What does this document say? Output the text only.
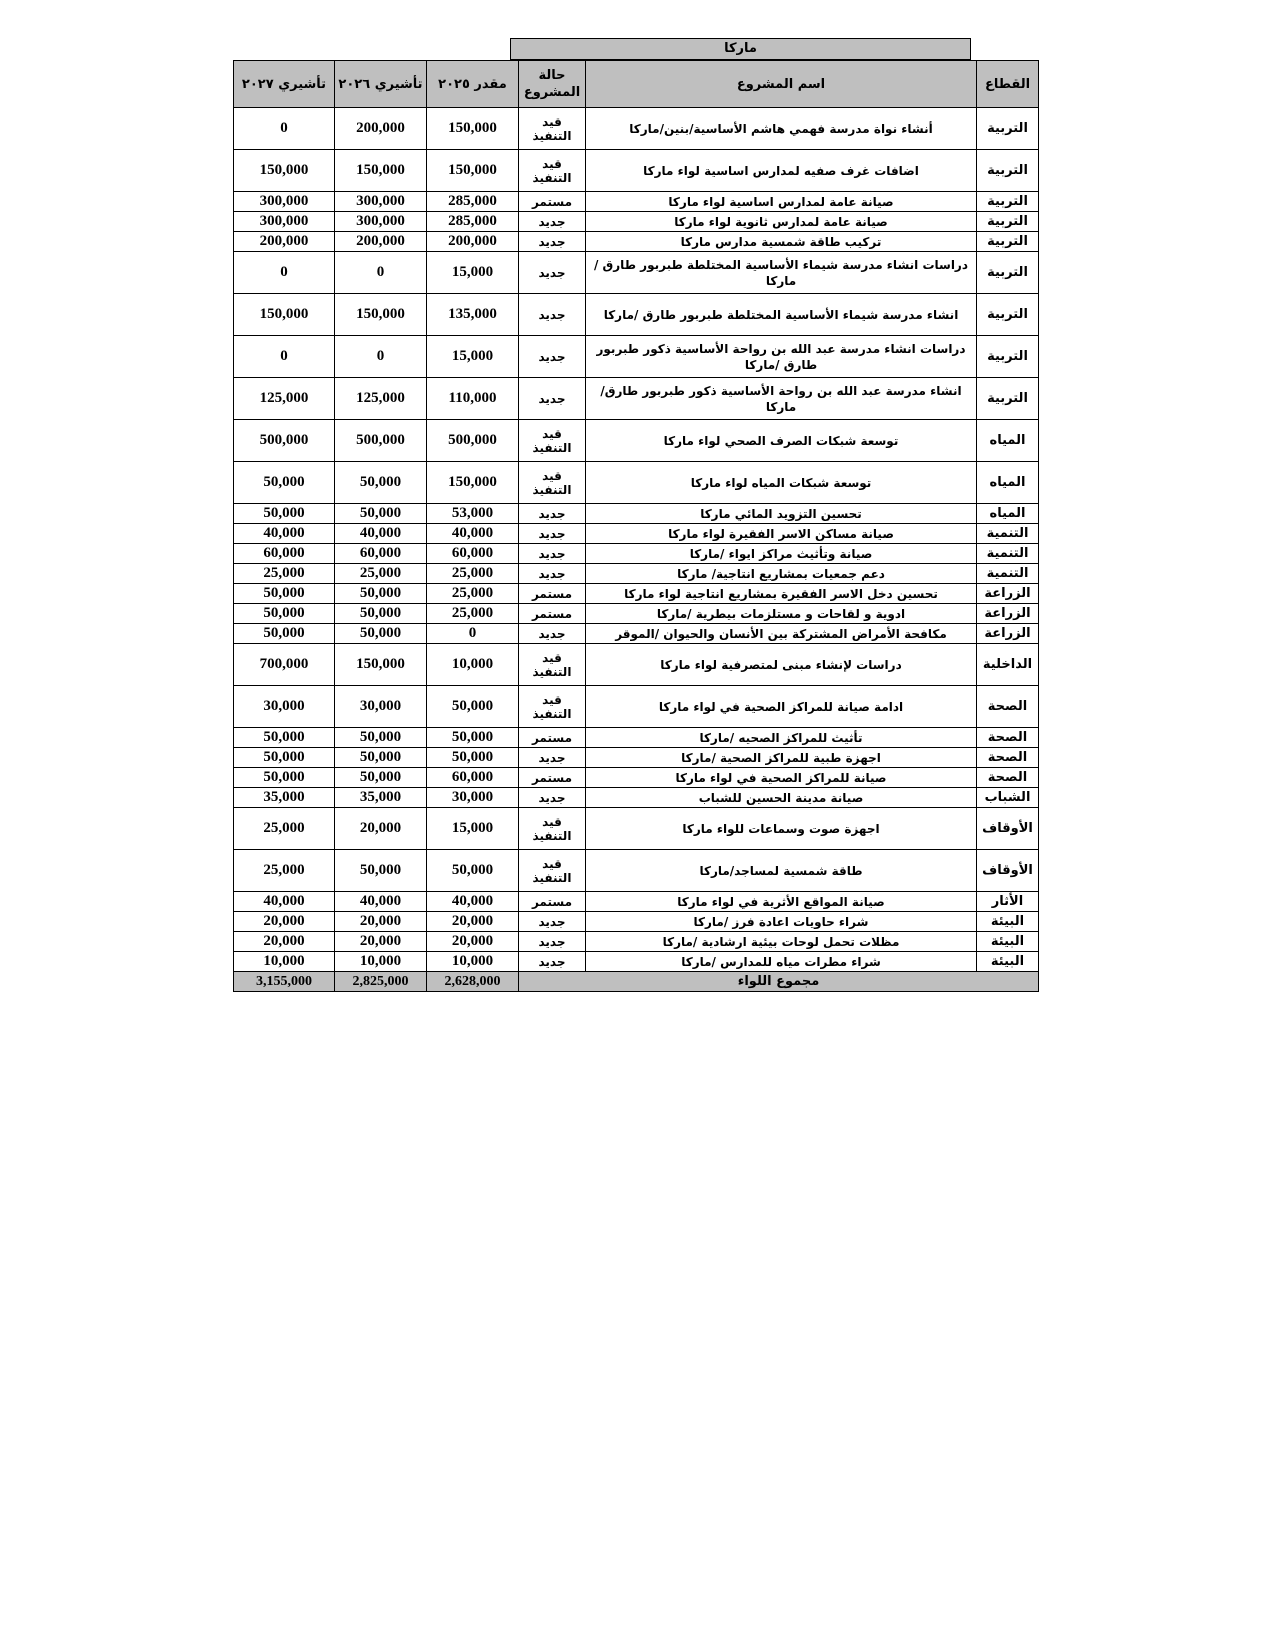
ماركا
القطاع	اسم المشروع	حالة المشروع	مقدر ٢٠٢٥	تأشيري ٢٠٢٦	تأشيري ٢٠٢٧
التربية	أنشاء نواة مدرسة فهمي هاشم الأساسية/بنين/ماركا	قيد التنفيذ	150,000	200,000	0
التربية	اضافات غرف صفيه لمدارس اساسية لواء ماركا	قيد التنفيذ	150,000	150,000	150,000
التربية	صيانة عامة لمدارس اساسية لواء ماركا	مستمر	285,000	300,000	300,000
التربية	صيانة عامة لمدارس ثانوية لواء ماركا	جديد	285,000	300,000	300,000
التربية	تركيب طاقة شمسية مدارس ماركا	جديد	200,000	200,000	200,000
التربية	دراسات انشاء مدرسة شيماء الأساسية المختلطة طبربور طارق /ماركا	جديد	15,000	0	0
التربية	انشاء مدرسة شيماء الأساسية المختلطة طبربور طارق /ماركا	جديد	135,000	150,000	150,000
التربية	دراسات انشاء مدرسة عبد الله بن رواحة الأساسية ذكور طبربور طارق /ماركا	جديد	15,000	0	0
التربية	انشاء مدرسة عبد الله بن رواحة الأساسية ذكور طبربور طارق/ماركا	جديد	110,000	125,000	125,000
المياه	توسعة شبكات الصرف الصحي لواء ماركا	قيد التنفيذ	500,000	500,000	500,000
المياه	توسعة شبكات المياه لواء ماركا	قيد التنفيذ	150,000	50,000	50,000
المياه	تحسين التزويد المائي ماركا	جديد	53,000	50,000	50,000
التنمية	صيانة مساكن الاسر الفقيرة لواء ماركا	جديد	40,000	40,000	40,000
التنمية	صيانة وتأثيث مراكز ايواء /ماركا	جديد	60,000	60,000	60,000
التنمية	دعم جمعيات بمشاريع انتاجية/ ماركا	جديد	25,000	25,000	25,000
الزراعة	تحسين دخل الاسر الفقيرة بمشاريع انتاجية لواء ماركا	مستمر	25,000	50,000	50,000
الزراعة	ادوية و لقاحات و مستلزمات بيطرية /ماركا	مستمر	25,000	50,000	50,000
الزراعة	مكافحة الأمراض المشتركة بين الأنسان والحيوان /الموقر	جديد	0	50,000	50,000
الداخلية	دراسات لإنشاء مبنى لمتصرفية لواء ماركا	قيد التنفيذ	10,000	150,000	700,000
الصحة	ادامة صيانة للمراكز الصحية في لواء ماركا	قيد التنفيذ	50,000	30,000	30,000
الصحة	تأثيث للمراكز الصحيه /ماركا	مستمر	50,000	50,000	50,000
الصحة	اجهزة طبية للمراكز الصحية /ماركا	جديد	50,000	50,000	50,000
الصحة	صيانة للمراكز الصحية في لواء ماركا	مستمر	60,000	50,000	50,000
الشباب	صيانة مدينة الحسين للشباب	جديد	30,000	35,000	35,000
الأوقاف	اجهزة صوت وسماعات للواء ماركا	قيد التنفيذ	15,000	20,000	25,000
الأوقاف	طاقة شمسية لمساجد/ماركا	قيد التنفيذ	50,000	50,000	25,000
الأثار	صيانة المواقع الأثرية في لواء ماركا	مستمر	40,000	40,000	40,000
البيئة	شراء حاويات اعادة فرز /ماركا	جديد	20,000	20,000	20,000
البيئة	مظلات تحمل لوحات بيئية ارشادية /ماركا	جديد	20,000	20,000	20,000
البيئة	شراء مطرات مياه للمدارس /ماركا	جديد	10,000	10,000	10,000
مجموع اللواء			2,628,000	2,825,000	3,155,000
